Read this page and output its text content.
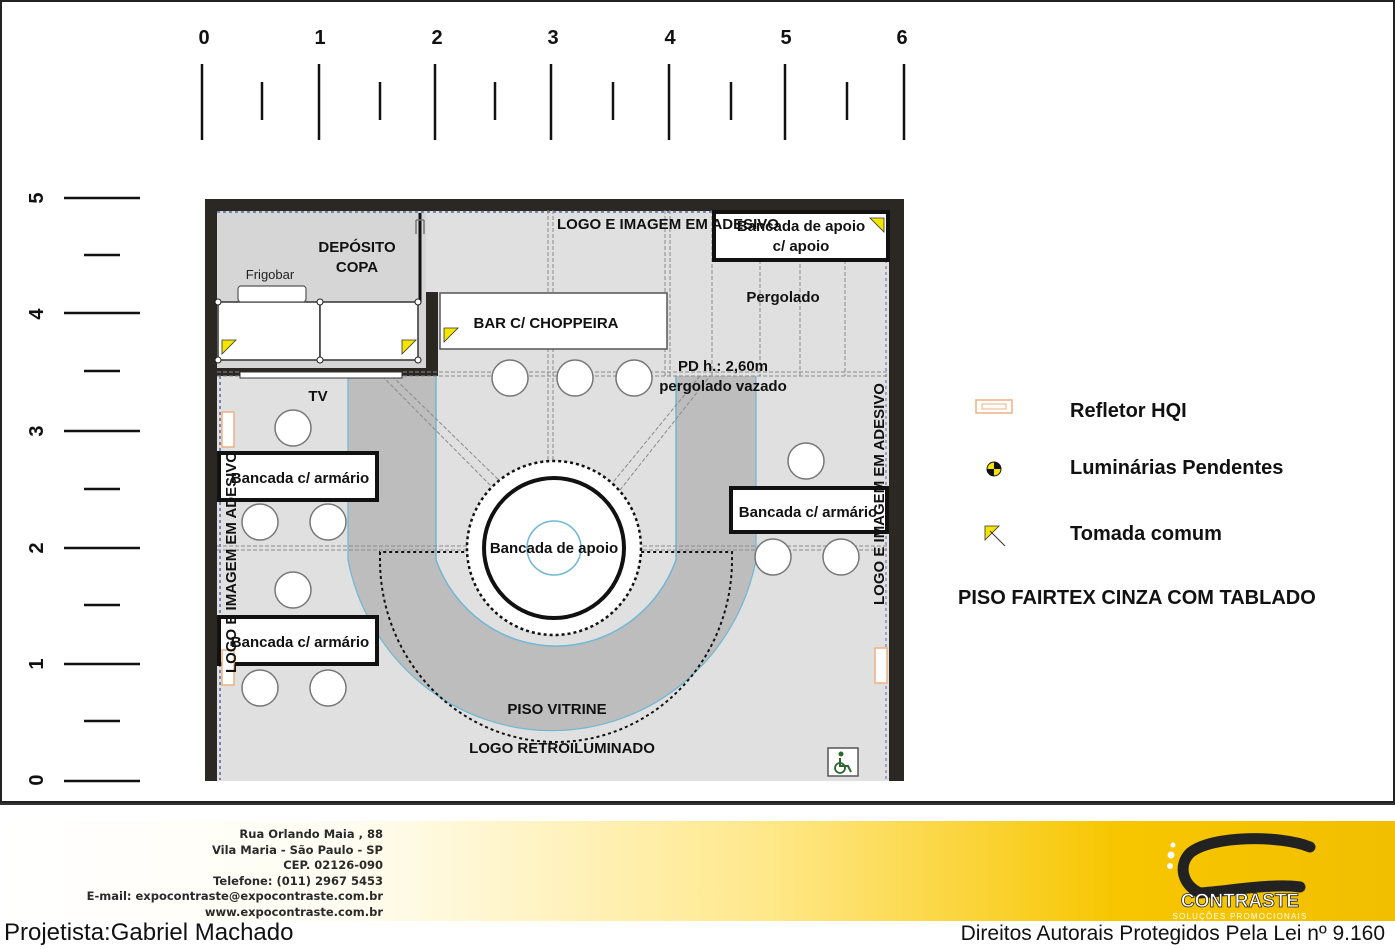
0	1	2	3	4	5	6
5
4
3
2
1
0
DEPÓSITO
COPA
Frigobar
LOGO E IMAGEM EM ADESIVO
Bancada de apoio
c/ apoio
Pergolado
BAR C/ CHOPPEIRA
PD h.: 2,60m
pergolado vazado
TV
Bancada c/ armário
Bancada c/ armário
Bancada c/ armário
LOGO E IMAGEM EM ADESIVO	LOGO E IMAGEM EM ADESIVO
Bancada de apoio
PISO VITRINE
LOGO RETROILUMINADO
Refletor HQI
Luminárias Pendentes
Tomada comum
PISO FAIRTEX CINZA COM TABLADO
Rua Orlando Maia , 88
Vila Maria - São Paulo - SP
CEP. 02126-090
Telefone: (011) 2967 5453
E-mail: expocontraste@expocontraste.com.br
www.expocontraste.com.br	CONTRASTE
SOLUÇÕES PROMOCIONAIS
Projetista:Gabriel Machado	Direitos Autorais Protegidos Pela Lei nº 9.160
